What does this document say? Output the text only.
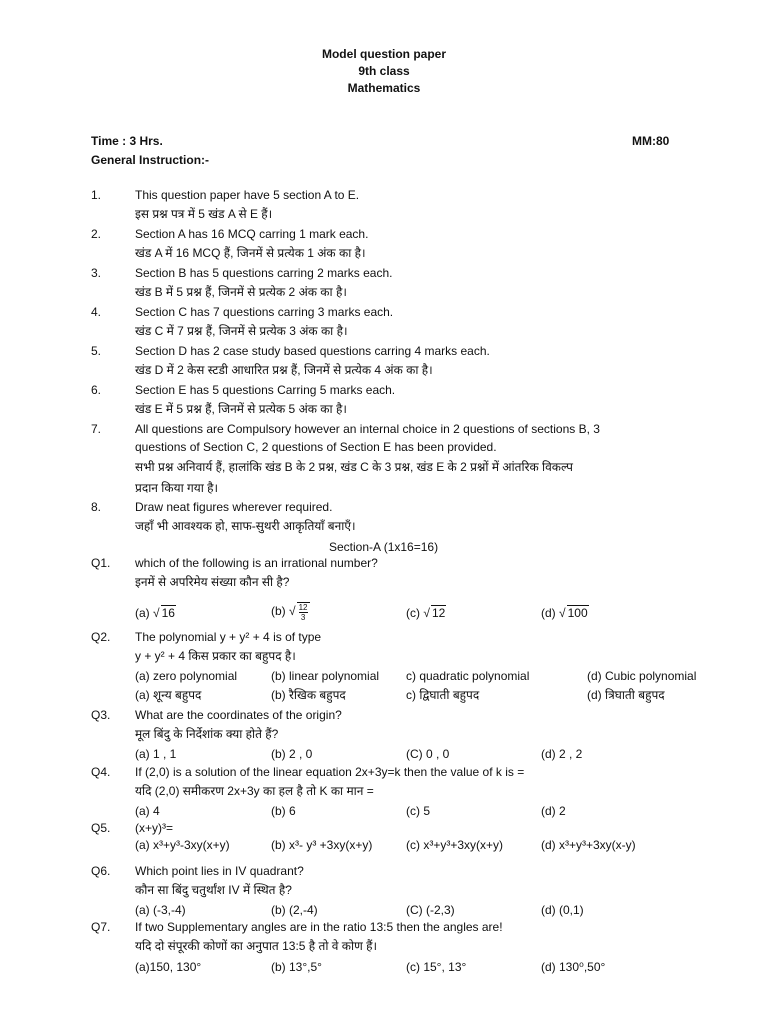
Model question paper
9th class
Mathematics
Time : 3 Hrs.	MM:80
General Instruction:-
1.	This question paper have 5 section A to E.
इस प्रश्न पत्र में 5 खंड A से E हैं।
2.	Section A has 16 MCQ carring 1 mark each.
खंड A में 16 MCQ हैं, जिनमें से प्रत्येक 1 अंक का है।
3.	Section B has 5 questions carring 2 marks each.
खंड B में 5 प्रश्न हैं, जिनमें से प्रत्येक 2 अंक का है।
4.	Section C has 7 questions carring 3 marks each.
खंड C में 7 प्रश्न हैं, जिनमें से प्रत्येक 3 अंक का है।
5.	Section D has 2 case study based questions carring 4 marks each.
खंड D में 2 केस स्टडी आधारित प्रश्न हैं, जिनमें से प्रत्येक 4 अंक का है।
6.	Section E has 5 questions Carring 5 marks each.
खंड E में 5 प्रश्न हैं, जिनमें से प्रत्येक 5 अंक का है।
7.	All questions are Compulsory however an internal choice in 2 questions of sections B, 3
questions of Section C, 2 questions of Section E has been provided.
सभी प्रश्न अनिवार्य हैं, हालांकि खंड B के 2 प्रश्न, खंड C के 3 प्रश्न, खंड E के 2 प्रश्नों में आंतरिक विकल्प
प्रदान किया गया है।
8.	Draw neat figures wherever required.
जहाँ भी आवश्यक हो, साफ-सुथरी आकृतियाँ बनाएँ।
Section-A (1x16=16)
Q1. which of the following is an irrational number?
इनमें से अपरिमेय संख्या कौन सी है?
(a) √ 16	(b) √ $\frac{12}{3}$	(c) √ 12	(d) √ 100
Q2. The polynomial y + y² + 4 is of type
y + y² + 4 किस प्रकार का बहुपद है।
(a) zero polynomial	(b) linear polynomial c) quadratic polynomial	(d) Cubic polynomial
(a) शून्य बहुपद	(b) रैखिक बहुपद	c) द्विघाती बहुपद	(d) त्रिघाती बहुपद
Q3. What are the coordinates of the origin?
मूल बिंदु के निर्देशांक क्या होते हैं?
(a) 1 , 1	(b) 2 , 0	(C) 0 , 0	(d) 2 , 2
Q4. If (2,0) is a solution of the linear equation 2x+3y=k then the value of k is =
यदि (2,0) समीकरण 2x+3y का हल है तो K का मान =
(a) 4	(b) 6	(c) 5	(d) 2
Q5. (x+y)³=
(a) x³+y³-3xy(x+y)	(b) x³- y³ +3xy(x+y)	(c) x³+y³+3xy(x+y)	(d) x³+y³+3xy(x-y)
Q6. Which point lies in IV quadrant?
कौन सा बिंदु चतुर्थांश IV में स्थित है?
(a) (-3,-4)	(b) (2,-4)	(C) (-2,3)	(d) (0,1)
Q7. If two Supplementary angles are in the ratio 13:5 then the angles are!
यदि दो संपूरकी कोणों का अनुपात 13:5 है तो वे कोण हैं।
(a)150, 130°	(b) 13°,5°	(c) 15°, 13°	(d) 130⁰,50°
